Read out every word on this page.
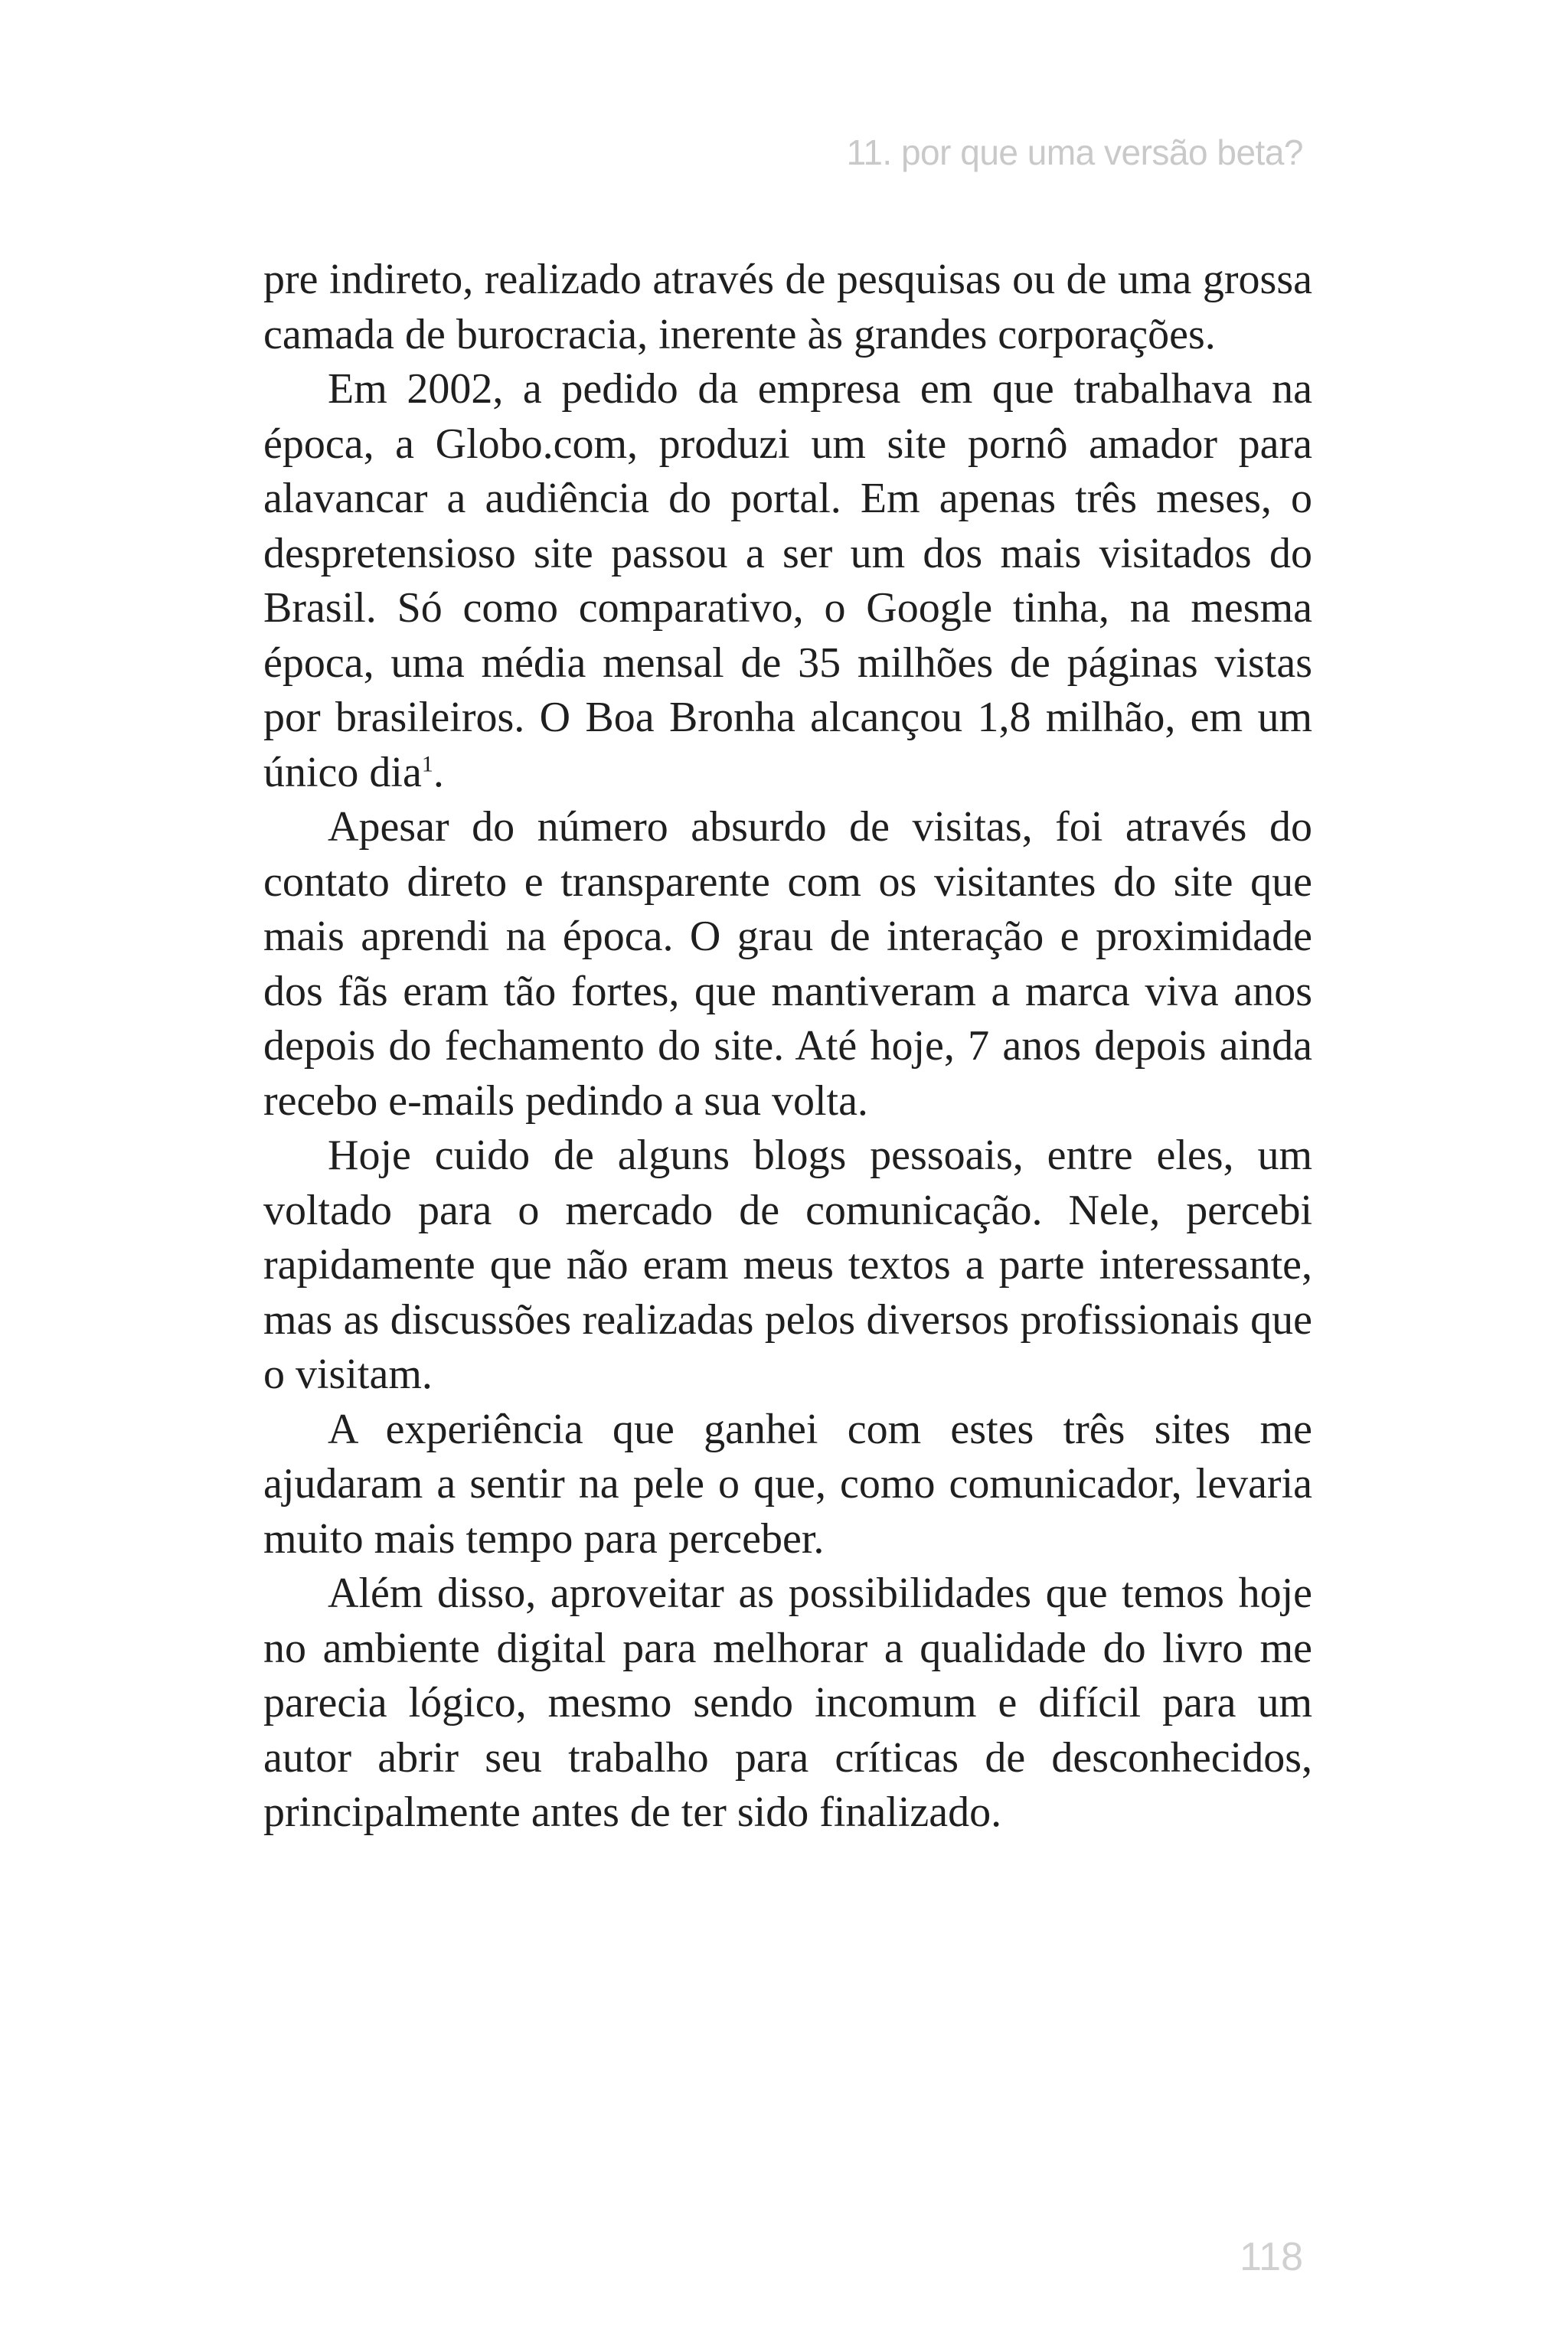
11. por que uma versão beta?

pre indireto, realizado através de pesquisas ou de uma grossa camada de burocracia, inerente às grandes corporações.

Em 2002, a pedido da empresa em que trabalhava na época, a Globo.com, produzi um site pornô amador para alavancar a audiência do portal. Em apenas três meses, o despretensioso site passou a ser um dos mais visitados do Brasil. Só como comparativo, o Google tinha, na mesma época, uma média mensal de 35 milhões de páginas vistas por brasileiros. O Boa Bronha alcançou 1,8 milhão, em um único dia$^1$.

Apesar do número absurdo de visitas, foi através do contato direto e transparente com os visitantes do site que mais aprendi na época. O grau de interação e proximidade dos fãs eram tão fortes, que mantiveram a marca viva anos depois do fechamento do site. Até hoje, 7 anos depois ainda recebo e-mails pedindo a sua volta.

Hoje cuido de alguns blogs pessoais, entre eles, um voltado para o mercado de comunicação. Nele, percebi rapidamente que não eram meus textos a parte interessante, mas as discussões realizadas pelos diversos profissionais que o visitam.

A experiência que ganhei com estes três sites me ajudaram a sentir na pele o que, como comunicador, levaria muito mais tempo para perceber.

Além disso, aproveitar as possibilidades que temos hoje no ambiente digital para melhorar a qualidade do livro me parecia lógico, mesmo sendo incomum e difícil para um autor abrir seu trabalho para críticas de desconhecidos, principalmente antes de ter sido finalizado.

118
